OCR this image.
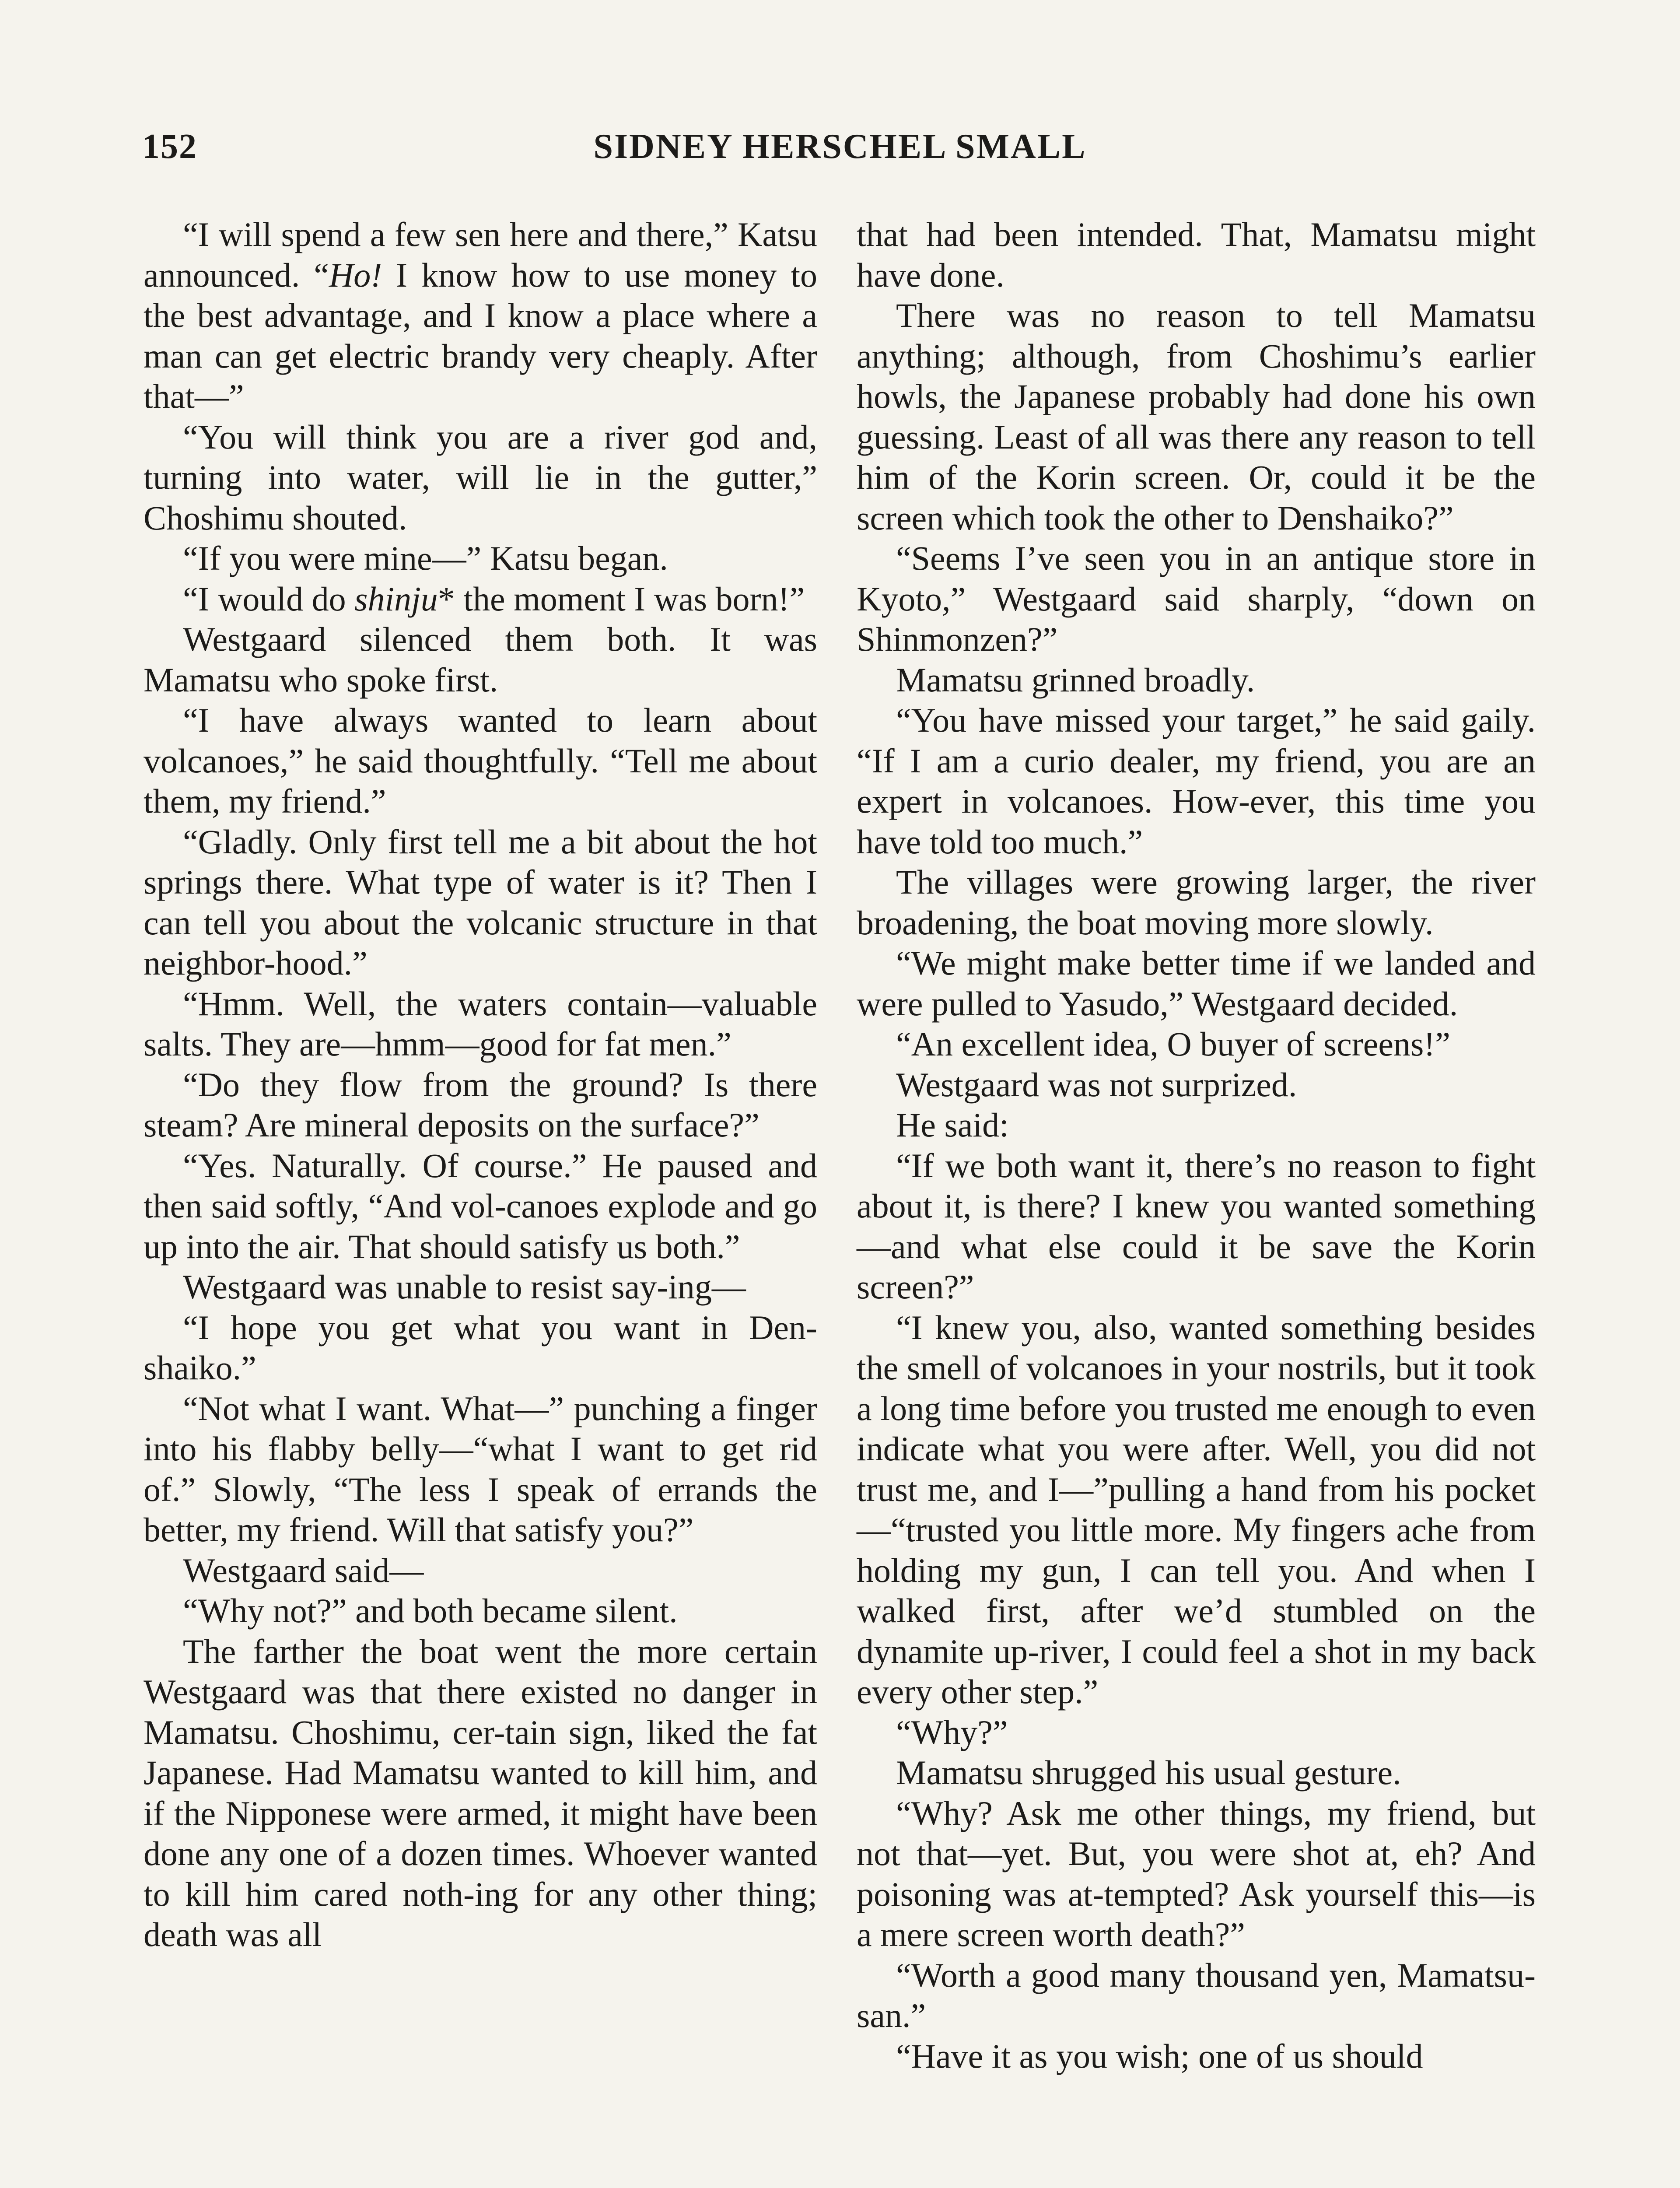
152	SIDNEY HERSCHEL SMALL

“I will spend a few sen here and there,” Katsu announced. “Ho! I know how to use money to the best advantage, and I know a place where a man can get electric brandy very cheaply. After that—”

“You will think you are a river god and, turning into water, will lie in the gutter,” Choshimu shouted.

“If you were mine—” Katsu began.

“I would do shinju* the moment I was born!”

Westgaard silenced them both. It was Mamatsu who spoke first.

“I have always wanted to learn about volcanoes,” he said thoughtfully. “Tell me about them, my friend.”

“Gladly. Only first tell me a bit about the hot springs there. What type of water is it? Then I can tell you about the volcanic structure in that neighbor-hood.”

“Hmm. Well, the waters contain—valuable salts. They are—hmm—good for fat men.”

“Do they flow from the ground? Is there steam? Are mineral deposits on the surface?”

“Yes. Naturally. Of course.” He paused and then said softly, “And vol-canoes explode and go up into the air. That should satisfy us both.”

Westgaard was unable to resist say-ing—

“I hope you get what you want in Den-shaiko.”

“Not what I want. What—” punching a finger into his flabby belly—“what I want to get rid of.” Slowly, “The less I speak of errands the better, my friend. Will that satisfy you?”

Westgaard said—

“Why not?” and both became silent.

The farther the boat went the more certain Westgaard was that there existed no danger in Mamatsu. Choshimu, cer-tain sign, liked the fat Japanese. Had Mamatsu wanted to kill him, and if the Nipponese were armed, it might have been done any one of a dozen times. Whoever wanted to kill him cared noth-ing for any other thing; death was all

that had been intended. That, Mamatsu might have done.

There was no reason to tell Mamatsu anything; although, from Choshimu’s earlier howls, the Japanese probably had done his own guessing. Least of all was there any reason to tell him of the Korin screen. Or, could it be the screen which took the other to Denshaiko?”

“Seems I’ve seen you in an antique store in Kyoto,” Westgaard said sharply, “down on Shinmonzen?”

Mamatsu grinned broadly.

“You have missed your target,” he said gaily. “If I am a curio dealer, my friend, you are an expert in volcanoes. How-ever, this time you have told too much.”

The villages were growing larger, the river broadening, the boat moving more slowly.

“We might make better time if we landed and were pulled to Yasudo,” Westgaard decided.

“An excellent idea, O buyer of screens!”

Westgaard was not surprized.

He said:

“If we both want it, there’s no reason to fight about it, is there? I knew you wanted something—and what else could it be save the Korin screen?”

“I knew you, also, wanted something besides the smell of volcanoes in your nostrils, but it took a long time before you trusted me enough to even indicate what you were after. Well, you did not trust me, and I—”pulling a hand from his pocket—“trusted you little more. My fingers ache from holding my gun, I can tell you. And when I walked first, after we’d stumbled on the dynamite up-river, I could feel a shot in my back every other step.”

“Why?”

Mamatsu shrugged his usual gesture.

“Why? Ask me other things, my friend, but not that—yet. But, you were shot at, eh? And poisoning was at-tempted? Ask yourself this—is a mere screen worth death?”

“Worth a good many thousand yen, Mamatsu-san.”

“Have it as you wish; one of us should
